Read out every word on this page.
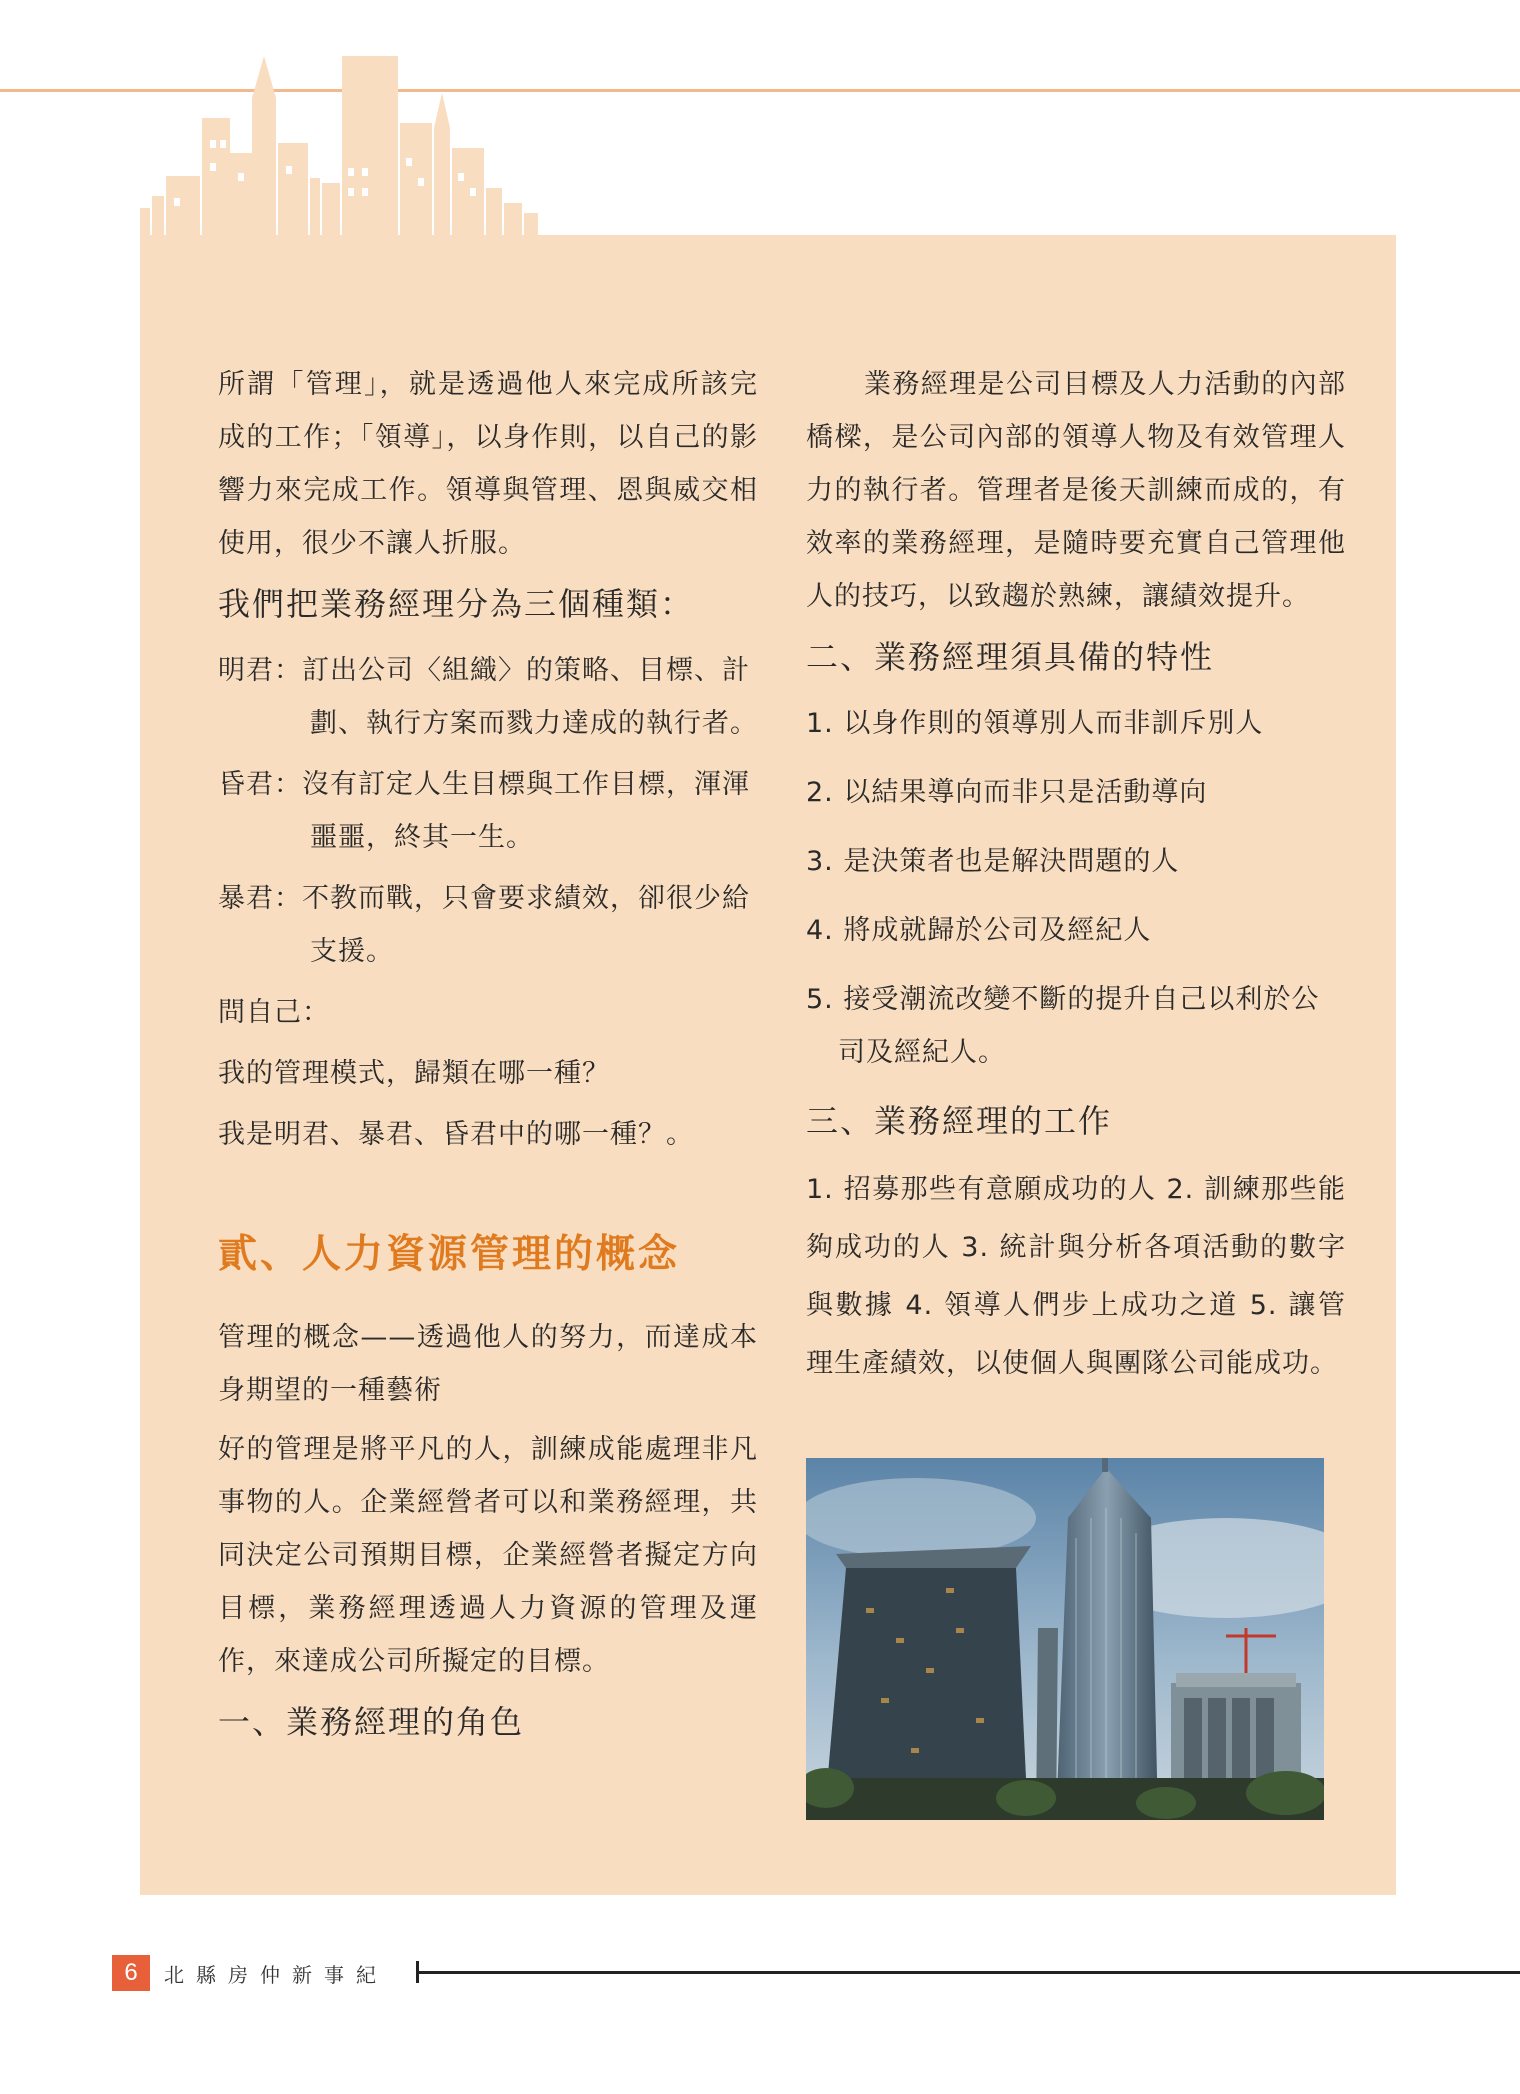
所謂「管理」，就是透過他人來完成所該完成的工作；「領導」，以身作則，以自己的影響力來完成工作。領導與管理、恩與威交相使用，很少不讓人折服。

我們把業務經理分為三個種類：
明君：訂出公司〈組織〉的策略、目標、計劃、執行方案而戮力達成的執行者。
昏君：沒有訂定人生目標與工作目標，渾渾噩噩，終其一生。
暴君：不教而戰，只會要求績效，卻很少給支援。
問自己：
我的管理模式，歸類在哪一種？
我是明君、暴君、昏君中的哪一種？。
貳、人力資源管理的概念

管理的概念——透過他人的努力，而達成本身期望的一種藝術

好的管理是將平凡的人，訓練成能處理非凡事物的人。企業經營者可以和業務經理，共同決定公司預期目標，企業經營者擬定方向目標，業務經理透過人力資源的管理及運作，來達成公司所擬定的目標。

一、業務經理的角色

業務經理是公司目標及人力活動的內部橋樑，是公司內部的領導人物及有效管理人力的執行者。管理者是後天訓練而成的，有效率的業務經理，是隨時要充實自己管理他人的技巧，以致趨於熟練，讓績效提升。

二、業務經理須具備的特性
1. 以身作則的領導別人而非訓斥別人
2. 以結果導向而非只是活動導向
3. 是決策者也是解決問題的人
4. 將成就歸於公司及經紀人
5. 接受潮流改變不斷的提升自己以利於公司及經紀人。
三、業務經理的工作

1. 招募那些有意願成功的人 2. 訓練那些能夠成功的人 3. 統計與分析各項活動的數字與數據 4. 領導人們步上成功之道 5. 讓管理生產績效，以使個人與團隊公司能成功。

6	北縣房仲新事紀
